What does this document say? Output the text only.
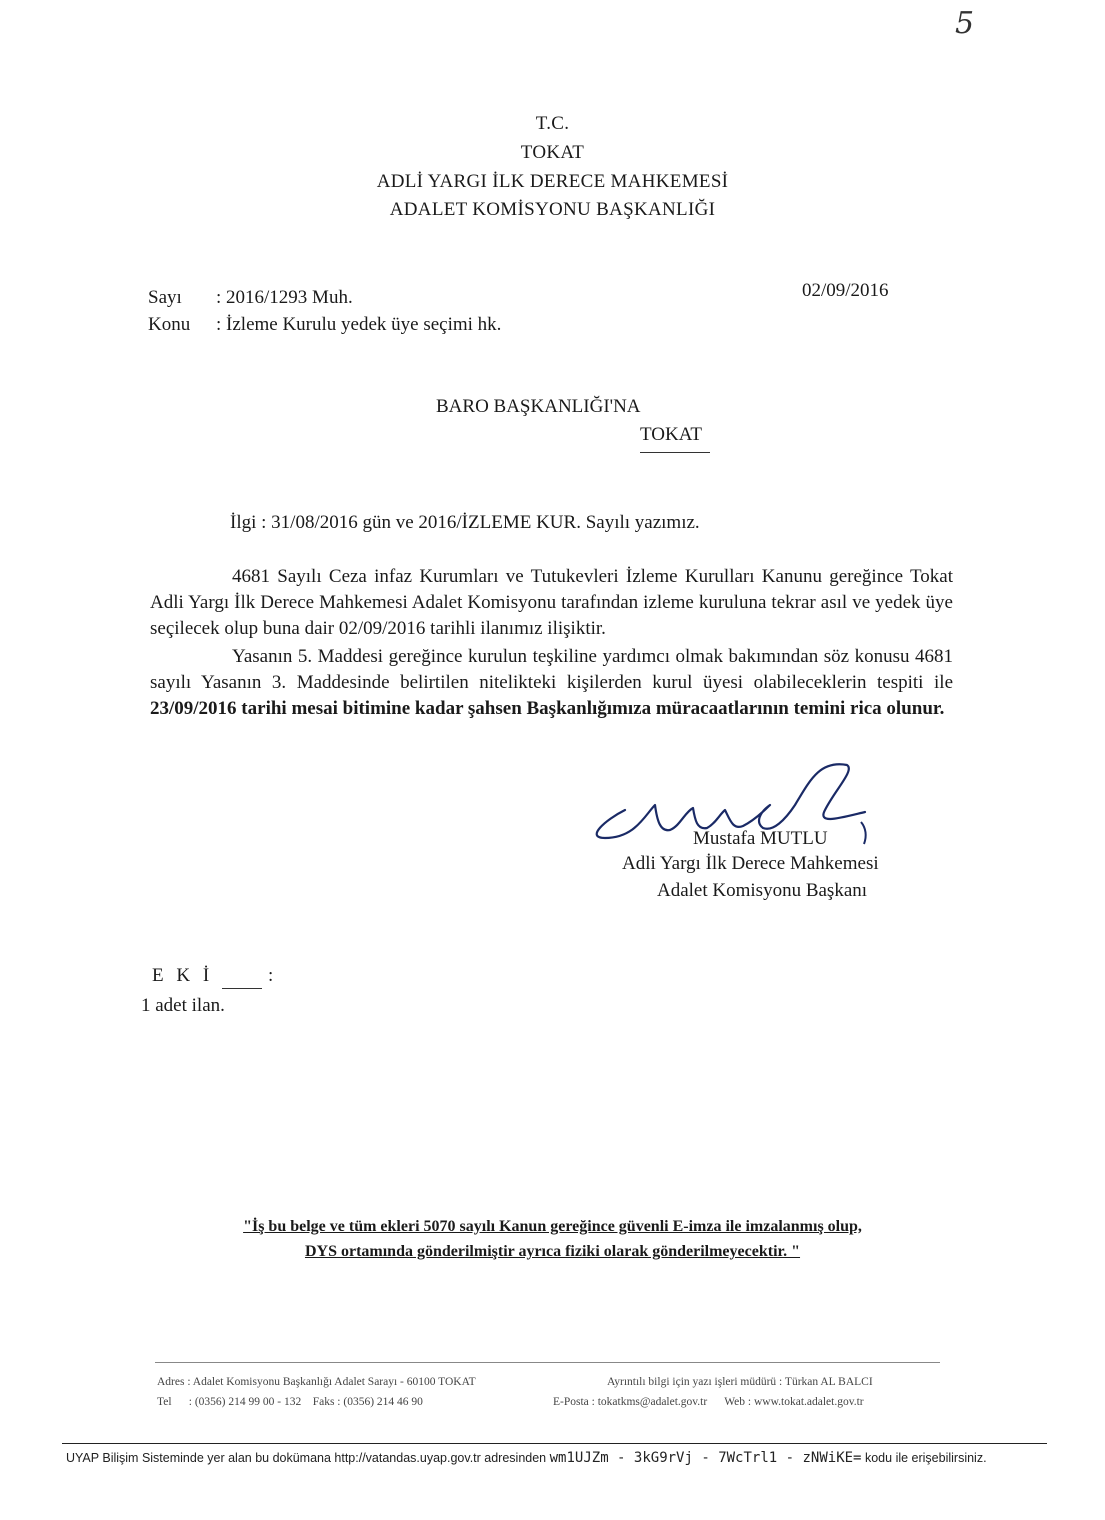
5
T.C.
TOKAT
ADLİ YARGI İLK DERECE MAHKEMESİ
ADALET KOMİSYONU BAŞKANLIĞI
Sayı : 2016/1293 Muh.
Konu : İzleme Kurulu yedek üye seçimi hk.
02/09/2016
BARO BAŞKANLIĞI'NA
TOKAT
İlgi : 31/08/2016 gün ve 2016/İZLEME KUR. Sayılı yazımız.

4681 Sayılı Ceza infaz Kurumları ve Tutukevleri İzleme Kurulları Kanunu gereğince Tokat Adli Yargı İlk Derece Mahkemesi Adalet Komisyonu tarafından izleme kuruluna tekrar asıl ve yedek üye seçilecek olup buna dair 02/09/2016 tarihli ilanımız ilişiktir.

Yasanın 5. Maddesi gereğince kurulun teşkiline yardımcı olmak bakımından söz konusu 4681 sayılı Yasanın 3. Maddesinde belirtilen nitelikteki kişilerden kurul üyesi olabileceklerin tespiti ile 23/09/2016 tarihi mesai bitimine kadar şahsen Başkanlığımıza müracaatlarının temini rica olunur.

Mustafa MUTLU
Adli Yargı İlk Derece Mahkemesi
Adalet Komisyonu Başkanı
E K İ	:
1 adet ilan.
"İş bu belge ve tüm ekleri 5070 sayılı Kanun gereğince güvenli E-imza ile imzalanmış olup,
DYS ortamında gönderilmiştir ayrıca fiziki olarak gönderilmeyecektir. "
Adres : Adalet Komisyonu Başkanlığı Adalet Sarayı - 60100 TOKAT	Ayrıntılı bilgi için yazı işleri müdürü : Türkan AL BALCI
Tel      : (0356) 214 99 00 - 132    Faks : (0356) 214 46 90	E-Posta : tokatkms@adalet.gov.tr      Web : www.tokat.adalet.gov.tr
UYAP Bilişim Sisteminde yer alan bu dokümana http://vatandas.uyap.gov.tr adresinden wm1UJZm - 3kG9rVj - 7WcTrl1 - zNWiKE= kodu ile erişebilirsiniz.
